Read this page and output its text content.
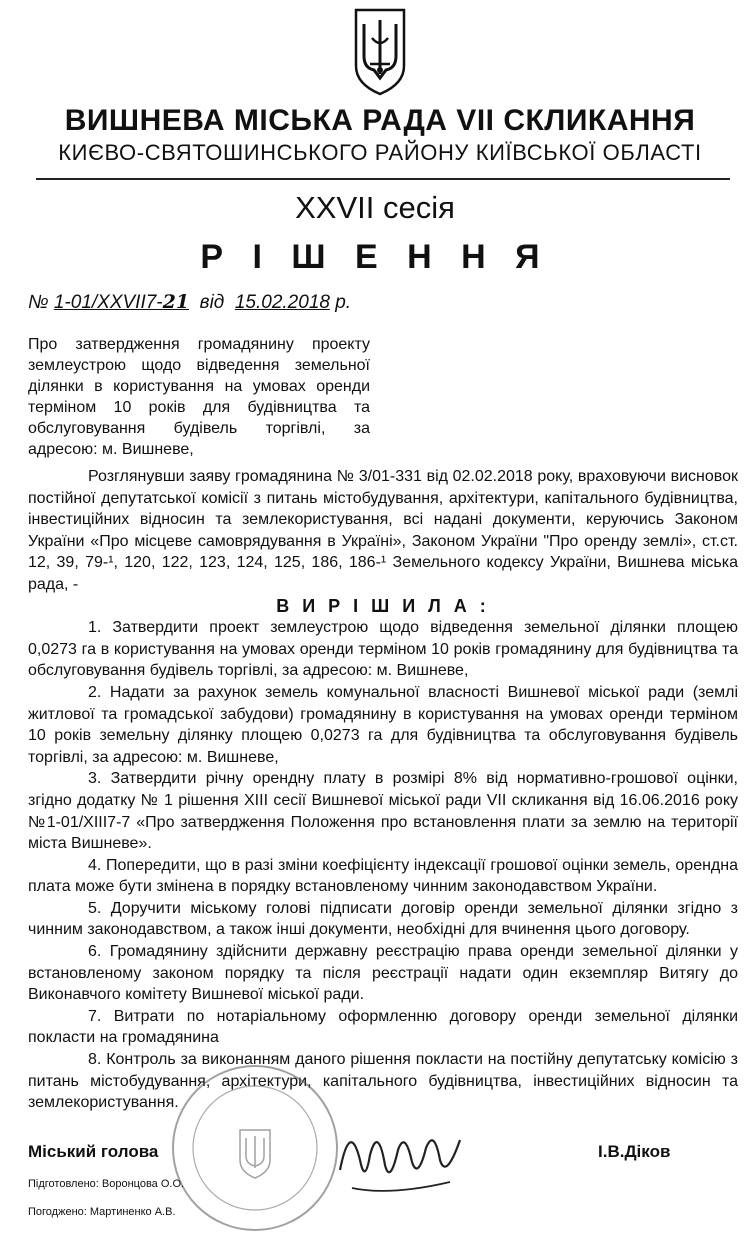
ВИШНЕВА МІСЬКА РАДА VII СКЛИКАННЯ
КИЄВО-СВЯТОШИНСЬКОГО РАЙОНУ КИЇВСЬКОЇ ОБЛАСТІ
XXVII сесія
Р І Ш Е Н Н Я
№ 1-01/XXVII7-21 від 15.02.2018 р.
Про затвердження громадянину проекту землеустрою щодо відведення земельної ділянки в користування на умовах оренди терміном 10 років для будівництва та обслуговування будівель торгівлі, за адресою: м. Вишневе,

Розглянувши заяву громадянина № 3/01-331 від 02.02.2018 року, враховуючи висновок постійної депутатської комісії з питань містобудування, архітектури, капітального будівництва, інвестиційних відносин та землекористування, всі надані документи, керуючись Законом України «Про місцеве самоврядування в Україні», Законом України "Про оренду землі», ст.ст. 12, 39, 79-¹, 120, 122, 123, 124, 125, 186, 186-¹ Земельного кодексу України, Вишнева міська рада, -

В И Р І Ш И Л А :

1. Затвердити проект землеустрою щодо відведення земельної ділянки площею 0,0273 га в користування на умовах оренди терміном 10 років громадянину для будівництва та обслуговування будівель торгівлі, за адресою: м. Вишневе,

2. Надати за рахунок земель комунальної власності Вишневої міської ради (землі житлової та громадської забудови) громадянину в користування на умовах оренди терміном 10 років земельну ділянку площею 0,0273 га для будівництва та обслуговування будівель торгівлі, за адресою: м. Вишневе,

3. Затвердити річну орендну плату в розмірі 8% від нормативно-грошової оцінки, згідно додатку № 1 рішення XIII сесії Вишневої міської ради VII скликання від 16.06.2016 року №1-01/XIII7-7 «Про затвердження Положення про встановлення плати за землю на території міста Вишневе».

4. Попередити, що в разі зміни коефіцієнту індексації грошової оцінки земель, орендна плата може бути змінена в порядку встановленому чинним законодавством України.

5. Доручити міському голові підписати договір оренди земельної ділянки згідно з чинним законодавством, а також інші документи, необхідні для вчинення цього договору.

6. Громадянину здійснити державну реєстрацію права оренди земельної ділянки у встановленому законом порядку та після реєстрації надати один екземпляр Витягу до Виконавчого комітету Вишневої міської ради.

7. Витрати по нотаріальному оформленню договору оренди земельної ділянки покласти на громадянина

8. Контроль за виконанням даного рішення покласти на постійну депутатську комісію з питань містобудування, архітектури, капітального будівництва, інвестиційних відносин та землекористування.

Міський голова	І.В.Діков
Підготовлено: Воронцова О.О.
Погоджено: Мартиненко А.В.
